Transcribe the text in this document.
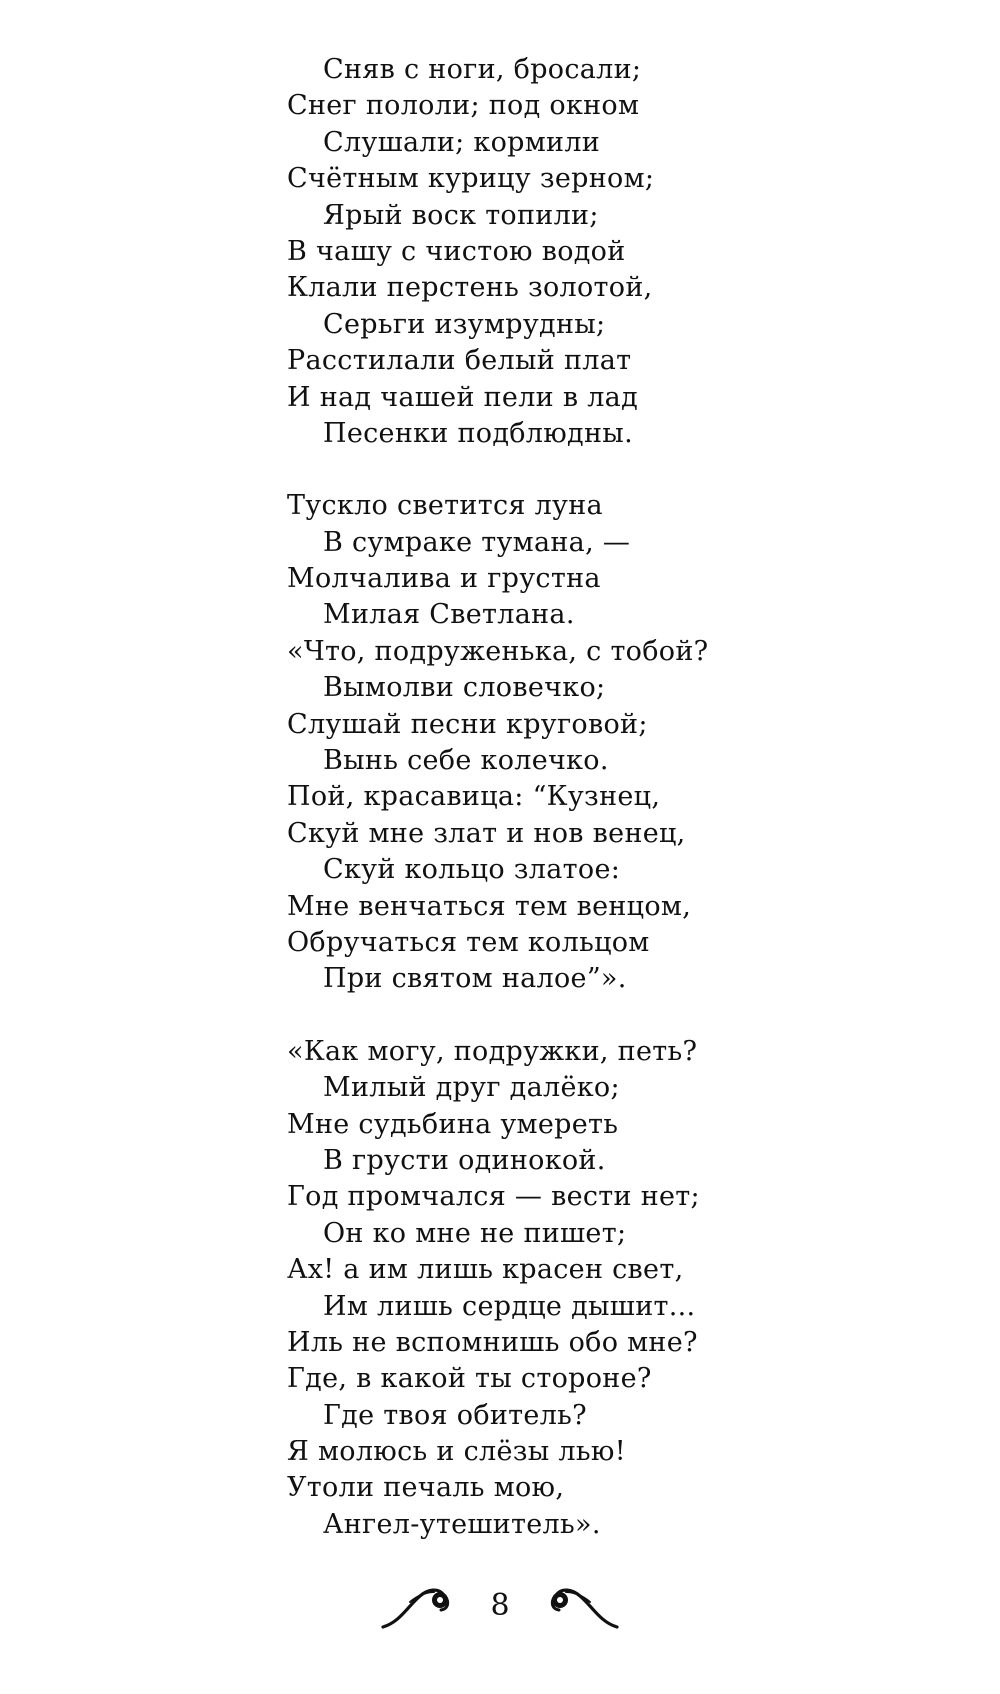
Сняв с ноги, бросали;
Снег пололи; под окном
Слушали; кормили
Счётным курицу зерном;
Ярый воск топили;
В чашу с чистою водой
Клали перстень золотой,
Серьги изумрудны;
Расстилали белый плат
И над чашей пели в лад
Песенки подблюдны.
Тускло светится луна
В сумраке тумана, —
Молчалива и грустна
Милая Светлана.
«Что, подруженька, с тобой?
Вымолви словечко;
Слушай песни круговой;
Вынь себе колечко.
Пой, красавица: “Кузнец,
Скуй мне злат и нов венец,
Скуй кольцо златое:
Мне венчаться тем венцом,
Обручаться тем кольцом
При святом налое”».
«Как могу, подружки, петь?
Милый друг далёко;
Мне судьбина умереть
В грусти одинокой.
Год промчался — вести нет;
Он ко мне не пишет;
Ах! а им лишь красен свет,
Им лишь сердце дышит...
Иль не вспомнишь обо мне?
Где, в какой ты стороне?
Где твоя обитель?
Я молюсь и слёзы лью!
Утоли печаль мою,
Ангел-утешитель».
8
